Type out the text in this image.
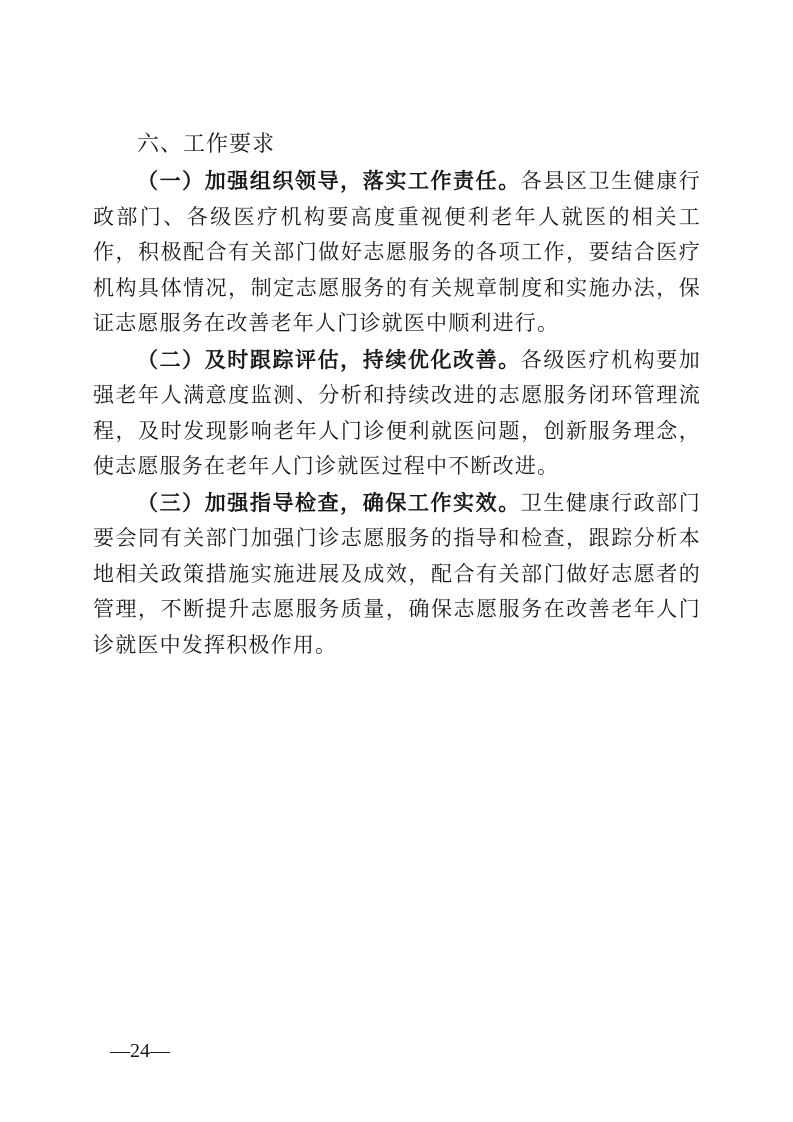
六、工作要求

（一）加强组织领导，落实工作责任。各县区卫生健康行政部门、各级医疗机构要高度重视便利老年人就医的相关工作，积极配合有关部门做好志愿服务的各项工作，要结合医疗机构具体情况，制定志愿服务的有关规章制度和实施办法，保证志愿服务在改善老年人门诊就医中顺利进行。

（二）及时跟踪评估，持续优化改善。各级医疗机构要加强老年人满意度监测、分析和持续改进的志愿服务闭环管理流程，及时发现影响老年人门诊便利就医问题，创新服务理念，使志愿服务在老年人门诊就医过程中不断改进。

（三）加强指导检查，确保工作实效。卫生健康行政部门要会同有关部门加强门诊志愿服务的指导和检查，跟踪分析本地相关政策措施实施进展及成效，配合有关部门做好志愿者的管理，不断提升志愿服务质量，确保志愿服务在改善老年人门诊就医中发挥积极作用。

—24—
